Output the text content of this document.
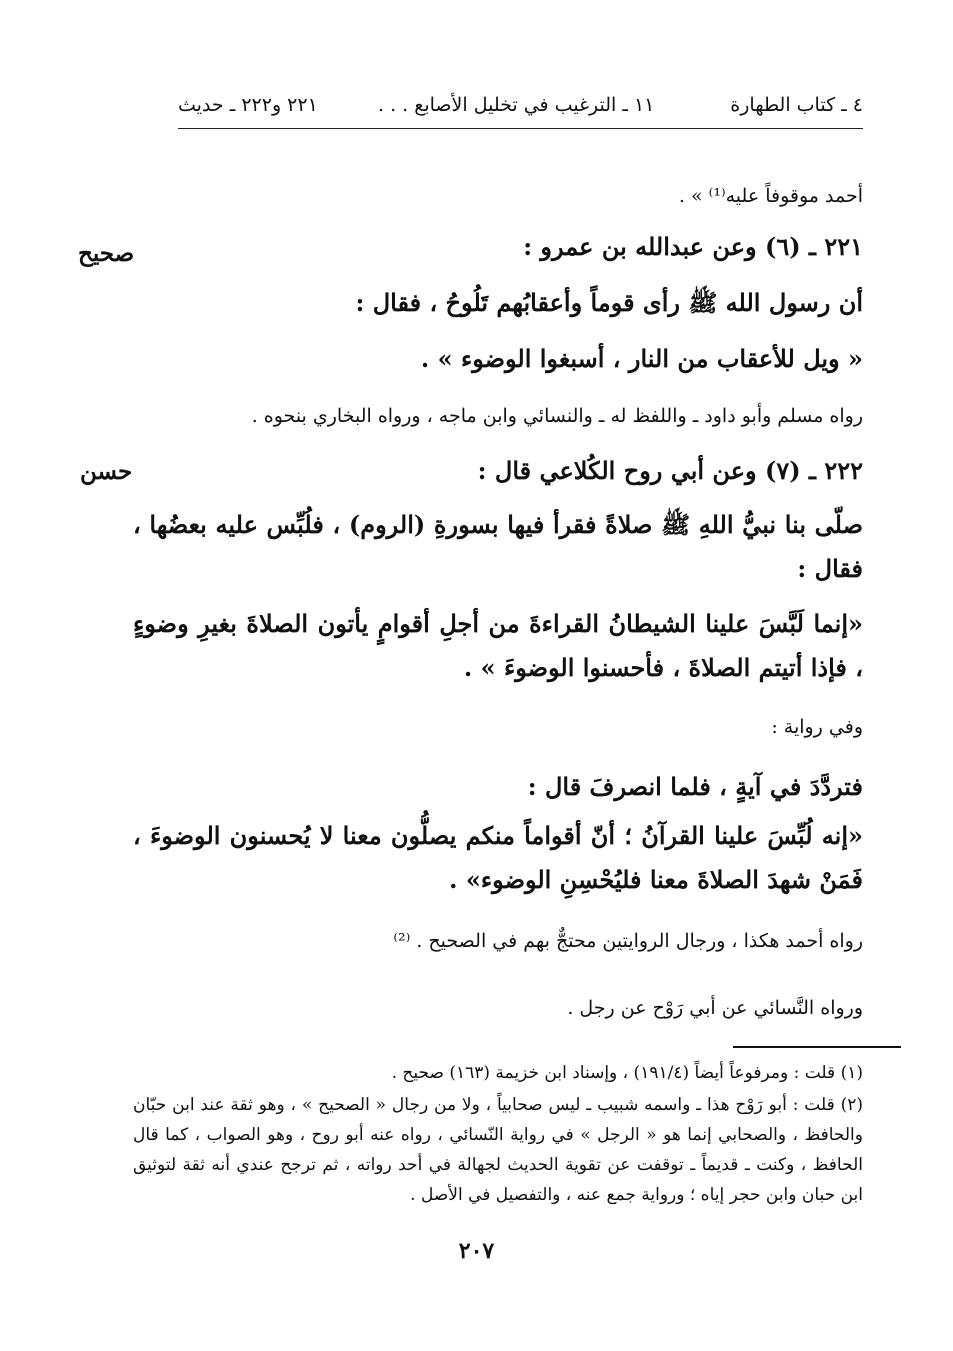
٤ ـ كتاب الطهارة
١١ ـ الترغيب في تخليل الأصابع . . .
٢٢١ و٢٢٢ ـ حديث
أحمد موقوفاً عليه⁽¹⁾ » .
صحيح	٢٢١ ـ (٦) وعن عبدالله بن عمرو :
أن رسول الله ﷺ رأى قوماً وأعقابُهم تَلُوحُ ، فقال :
« ويل للأعقاب من النار ، أسبغوا الوضوء » .
رواه مسلم وأبو داود ـ واللفظ له ـ والنسائي وابن ماجه ، ورواه البخاري بنحوه .
حسن	٢٢٢ ـ (٧) وعن أبي روح الكُلاعي قال :
صلّى بنا نبيُّ اللهِ ﷺ صلاةً فقرأ فيها بسورةِ (الروم) ، فلُبِّس عليه بعضُها ، فقال :
«إنما لَبَّسَ علينا الشيطانُ القراءةَ من أجلِ أقوامٍ يأتون الصلاةَ بغيرِ وضوءٍ ، فإذا أتيتم الصلاةَ ، فأحسنوا الوضوءَ » .
وفي رواية :
فتردَّدَ في آيةٍ ، فلما انصرفَ قال :
«إنه لُبِّسَ علينا القرآنُ ؛ أنّ أقواماً منكم يصلُّون معنا لا يُحسنون الوضوءَ ، فَمَنْ شهدَ الصلاةَ معنا فليُحْسِنِ الوضوء» .
رواه أحمد هكذا ، ورجال الروايتين محتجٌّ بهم في الصحيح . ⁽²⁾
ورواه النَّسائي عن أبي رَوْح عن رجل .
(١) قلت : ومرفوعاً أيضاً (١٩١/٤) ، وإسناد ابن خزيمة (١٦٣) صحيح .
(٢) قلت : أبو رَوْح هذا ـ واسمه شبيب ـ ليس صحابياً ، ولا من رجال « الصحيح » ، وهو ثقة عند ابن حبّان والحافظ ، والصحابي إنما هو « الرجل » في رواية النّسائي ، رواه عنه أبو روح ، وهو الصواب ، كما قال الحافظ ، وكنت ـ قديماً ـ توقفت عن تقوية الحديث لجهالة في أحد رواته ، ثم ترجح عندي أنه ثقة لتوثيق ابن حبان وابن حجر إياه ؛ ورواية جمع عنه ، والتفصيل في الأصل .
٢٠٧
